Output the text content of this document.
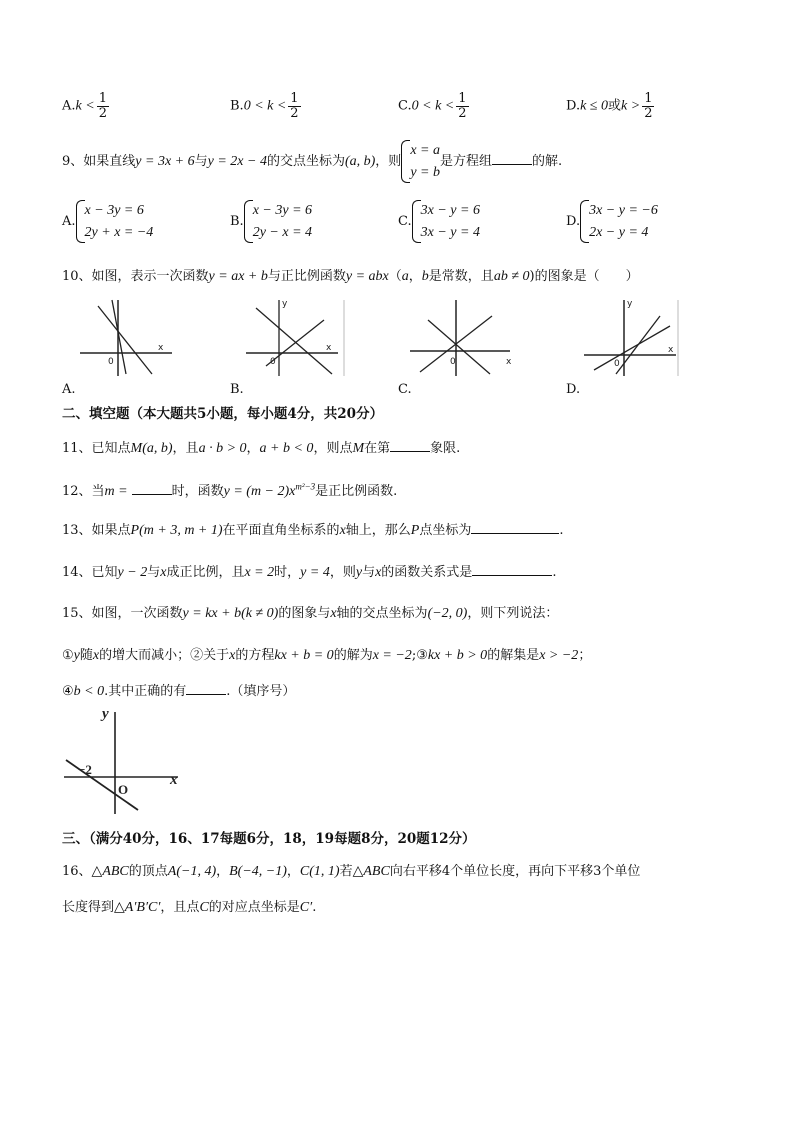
$A.k < \frac{1}{2}$	$B.0 < k < \frac{1}{2}$	$C.0 < k < \frac{1}{2}$	D.k ≤ 0或$k > \frac{1}{2}$
9、如果直线y = 3x + 6与y = 2x − 4的交点坐标为(a, b)，则
x = a
y = b
是方程组	的解.
A.
x − 3y = 6
2y + x = −4
B.
x − 3y = 6
2y − x = 4
C.
3x − y = 6
3x − y = 4
D.
3x − y = −6
2x − y = 4
10、如图，表示一次函数y = ax + b与正比例函数y = abx（a，b是常数，且ab ≠ 0)的图象是（　　）
x
0
x
y
0	x
0
x
y
0
A.	B.	C.	D.
二、填空题（本大题共5小题，每小题4分，共20分）
11、已知点M(a, b)，且a · b > 0，a + b < 0，则点M在第	象限.
12、当m =	时，函数$y = (m - 2)x^{m^2-3}$是正比例函数.
13、如果点P(m + 3, m + 1)在平面直角坐标系的x轴上，那么P点坐标为	.
14、已知y − 2与x成正比例，且x = 2时，y = 4，则y与x的函数关系式是	.
15、如图，一次函数y = kx + b(k ≠ 0)的图象与x轴的交点坐标为(−2, 0)，则下列说法：
①y随x的增大而减小；②关于x的方程kx + b = 0的解为x = −2;③kx + b > 0的解集是x > −2；
④b < 0.其中正确的有	.（填序号）
y
x
O
−2
三、（满分40分，16、17每题6分，18，19每题8分，20题12分）
16、△ABC的顶点A(−1, 4)，B(−4, −1)，C(1, 1)若△ABC向右平移4个单位长度，再向下平移3个单位
长度得到△A′B′C′，且点C的对应点坐标是C′.
